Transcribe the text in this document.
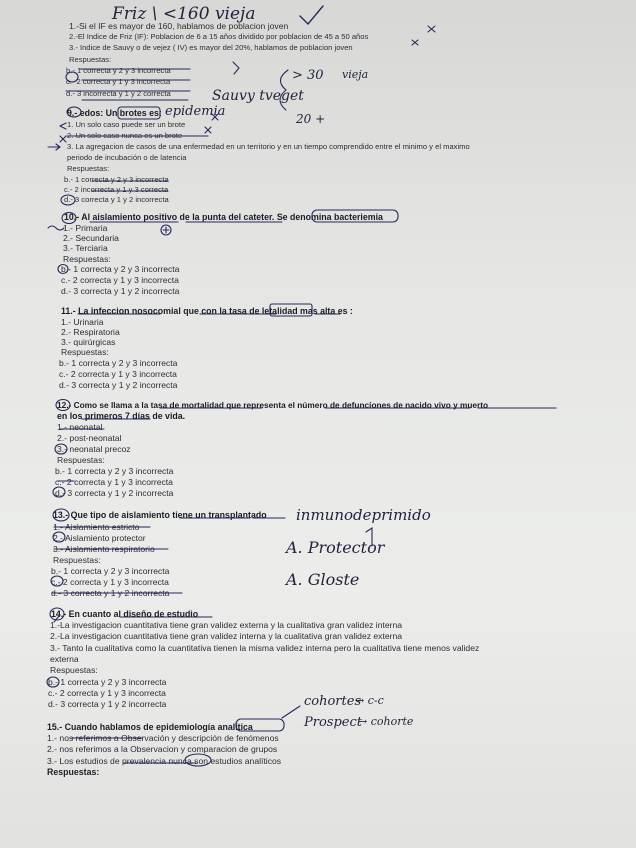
1.-Si el IF es mayor de 160, hablamos de poblacion joven
2.-El Indice de Friz (IF): Poblacion de 6 a 15 años dividido por poblacion de 45 a 50 años
3.- Indice de Sauvy o de vejez ( IV) es mayor del 20%, hablamos de poblacion joven
Respuestas:
b.- 1 correcta y 2 y 3 incorrecta
c.- 2 correcta y 1 y 3 incorrecta
d.- 3 incorrecta y 1 y 2 correcta
9.- edos: Un brotes es:
1. Un solo caso puede ser un brote
2. Un solo caso nunca es un brote
3. La agregacion de casos de una enfermedad en un territorio y en un tiempo comprendido entre el minimo y el maximo
periodo de incubación o de latencia
Respuestas:
b.- 1 correcta y 2 y 3 incorrecta
c.- 2 incorrecta y 1 y 3 correcta
d.- 3 correcta y 1 y 2 incorrecta
10.- Al aislamiento positivo de la punta del cateter. Se denomina bacteriemia
1.- Primaria
2.- Secundaria
3.- Terciaria
Respuestas:
b.- 1 correcta y 2 y 3 incorrecta
c.- 2 correcta y 1 y 3 incorrecta
d.- 3 correcta y 1 y 2 incorrecta
11.- La infeccion nosocomial que con la tasa de letalidad mas alta es :
1.- Urinaria
2.- Respiratoria
3.- quirúrgicas
Respuestas:
b.- 1 correcta y 2 y 3 incorrecta
c.- 2 correcta y 1 y 3 incorrecta
d.- 3 correcta y 1 y 2 incorrecta
12.- Como se llama a la tasa de mortalidad que representa el número de defunciones de nacido vivo y muerto
en los primeros 7 días de vida.
1.- neonatal
2.- post-neonatal
3.- neonatal precoz
Respuestas:
b.- 1 correcta y 2 y 3 incorrecta
c.- 2 correcta y 1 y 3 incorrecta
d.- 3 correcta y 1 y 2 incorrecta
13.- Que tipo de aislamiento tiene un transplantado
1.- Aislamiento estricto
2.- Aislamiento protector
3.- Aislamiento respiratorio
Respuestas:
b.- 1 correcta y 2 y 3 incorrecta
c.- 2 correcta y 1 y 3 incorrecta
d.- 3 correcta y 1 y 2 incorrecta
14.- En cuanto al diseño de estudio
1.-La investigacion cuantitativa tiene gran validez externa y la cualitativa gran validez interna
2.-La investigacion cuantitativa tiene gran validez interna y la cualitativa gran validez externa
3.- Tanto la cualitativa como la cuantitativa tienen la misma validez interna pero la cualitativa tiene menos validez
externa
Respuestas:
b.- 1 correcta y 2 y 3 incorrecta
c.- 2 correcta y 1 y 3 incorrecta
d.- 3 correcta y 1 y 2 incorrecta
15.- Cuando hablamos de epidemiología analítica
1.- nos referimos a Observación y descripción de fenómenos
2.- nos referimos a la Observacion y comparacion de grupos
3.- Los estudios de prevalencia nunca son estudios analíticos
Respuestas:
Friz \ <160 vieja
Sauvy tveget
> 30 vieja
20 +
epidemia
inmunodeprimido
A. Protector
A. Gloste
cohortes
→ c-c
Prospect
→ cohorte
